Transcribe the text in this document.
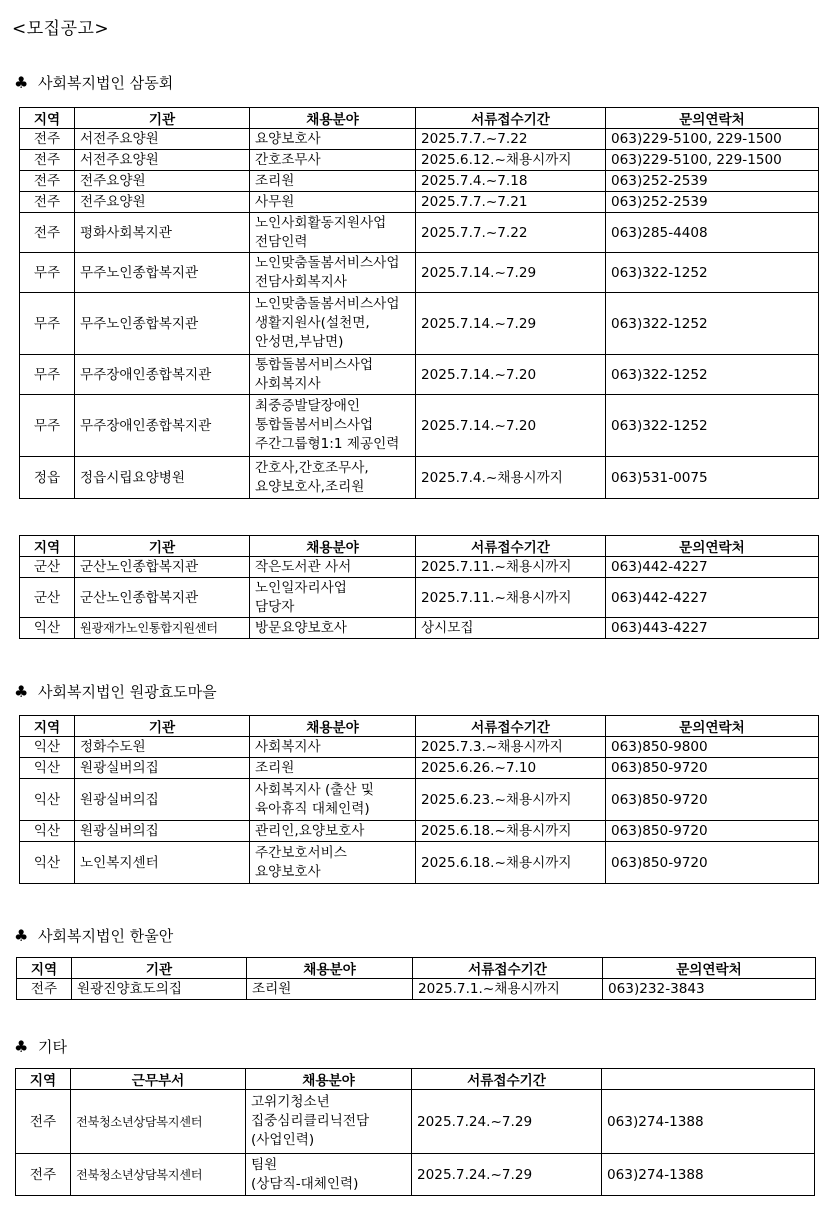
<모집공고>
♣ 사회복지법인 삼동회
지역	기관	채용분야	서류접수기간	문의연락처
전주	서전주요양원	요양보호사	2025.7.7.~7.22	063)229-5100, 229-1500
전주	서전주요양원	간호조무사	2025.6.12.~채용시까지	063)229-5100, 229-1500
전주	전주요양원	조리원	2025.7.4.~7.18	063)252-2539
전주	전주요양원	사무원	2025.7.7.~7.21	063)252-2539
전주	평화사회복지관	노인사회활동지원사업
전담인력	2025.7.7.~7.22	063)285-4408
무주	무주노인종합복지관	노인맞춤돌봄서비스사업
전담사회복지사	2025.7.14.~7.29	063)322-1252
무주	무주노인종합복지관	노인맞춤돌봄서비스사업
생활지원사(설천면,
안성면,부남면)	2025.7.14.~7.29	063)322-1252
무주	무주장애인종합복지관	통합돌봄서비스사업
사회복지사	2025.7.14.~7.20	063)322-1252
무주	무주장애인종합복지관	최중증발달장애인
통합돌봄서비스사업
주간그룹형1:1 제공인력	2025.7.14.~7.20	063)322-1252
정읍	정읍시립요양병원	간호사,간호조무사,
요양보호사,조리원	2025.7.4.~채용시까지	063)531-0075
지역	기관	채용분야	서류접수기간	문의연락처
군산	군산노인종합복지관	작은도서관 사서	2025.7.11.~채용시까지	063)442-4227
군산	군산노인종합복지관	노인일자리사업
담당자	2025.7.11.~채용시까지	063)442-4227
익산	원광재가노인통합지원센터	방문요양보호사	상시모집	063)443-4227
♣ 사회복지법인 원광효도마을
지역	기관	채용분야	서류접수기간	문의연락처
익산	정화수도원	사회복지사	2025.7.3.~채용시까지	063)850-9800
익산	원광실버의집	조리원	2025.6.26.~7.10	063)850-9720
익산	원광실버의집	사회복지사 (출산 및
육아휴직 대체인력)	2025.6.23.~채용시까지	063)850-9720
익산	원광실버의집	관리인,요양보호사	2025.6.18.~채용시까지	063)850-9720
익산	노인복지센터	주간보호서비스
요양보호사	2025.6.18.~채용시까지	063)850-9720
♣ 사회복지법인 한울안
지역	기관	채용분야	서류접수기간	문의연락처
전주	원광진양효도의집	조리원	2025.7.1.~채용시까지	063)232-3843
♣ 기타
지역	근무부서	채용분야	서류접수기간	
전주	전북청소년상담복지센터	고위기청소년
집중심리클리닉전담
(사업인력)	2025.7.24.~7.29	063)274-1388
전주	전북청소년상담복지센터	팀원
(상담직-대체인력)	2025.7.24.~7.29	063)274-1388
